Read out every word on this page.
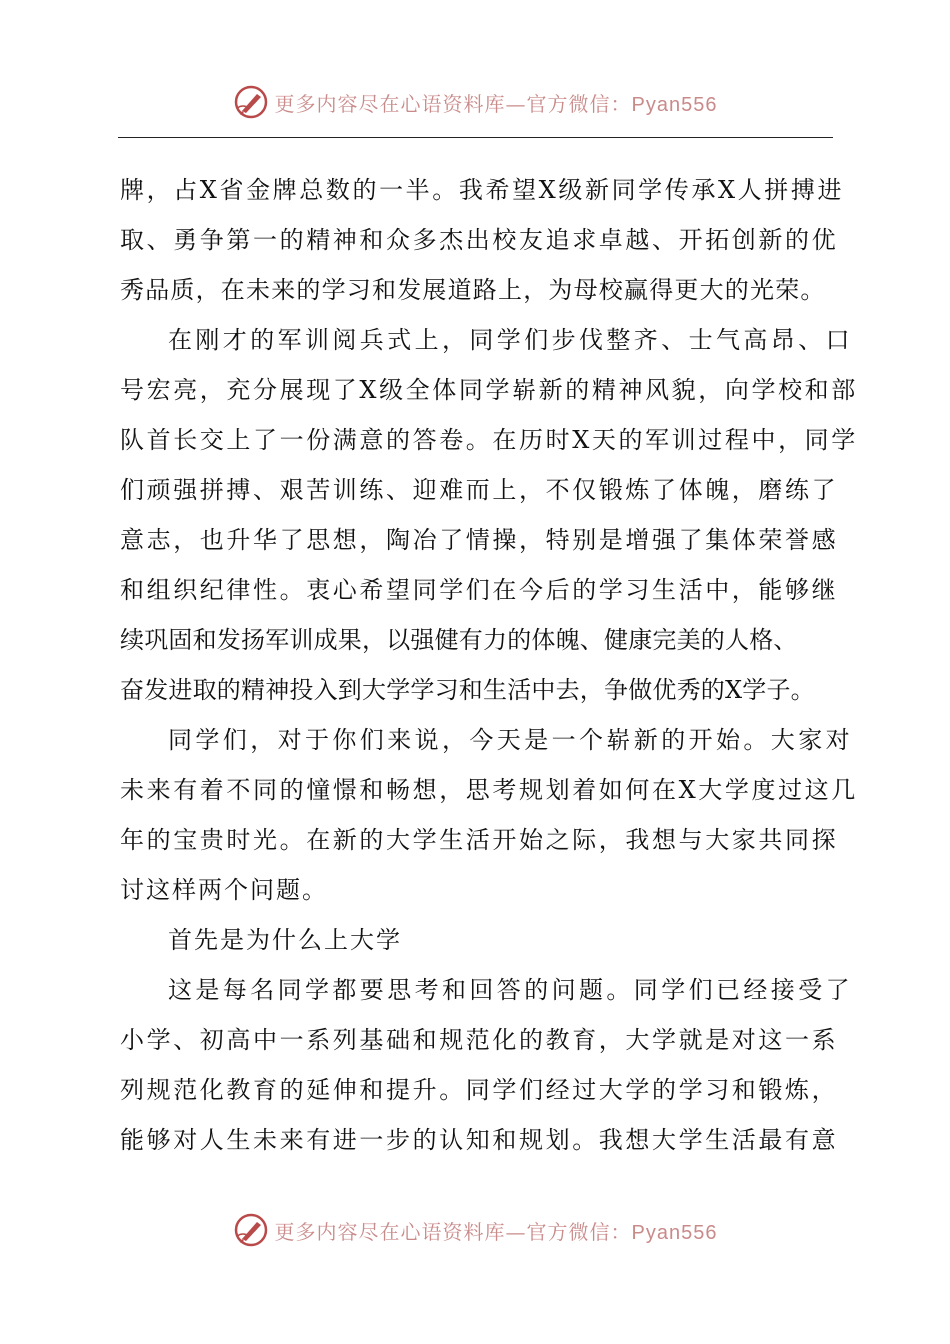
更多内容尽在心语资料库—官方微信：Pyan556
牌，占X省金牌总数的一半。我希望X级新同学传承X人拼搏进
取、勇争第一的精神和众多杰出校友追求卓越、开拓创新的优
秀品质，在未来的学习和发展道路上，为母校赢得更大的光荣。
在刚才的军训阅兵式上，同学们步伐整齐、士气高昂、口
号宏亮，充分展现了X级全体同学崭新的精神风貌，向学校和部
队首长交上了一份满意的答卷。在历时X天的军训过程中，同学
们顽强拼搏、艰苦训练、迎难而上，不仅锻炼了体魄，磨练了
意志，也升华了思想，陶冶了情操，特别是增强了集体荣誉感
和组织纪律性。衷心希望同学们在今后的学习生活中，能够继
续巩固和发扬军训成果，以强健有力的体魄、健康完美的人格、
奋发进取的精神投入到大学学习和生活中去，争做优秀的X学子。
同学们，对于你们来说，今天是一个崭新的开始。大家对
未来有着不同的憧憬和畅想，思考规划着如何在X大学度过这几
年的宝贵时光。在新的大学生活开始之际，我想与大家共同探
讨这样两个问题。
首先是为什么上大学
这是每名同学都要思考和回答的问题。同学们已经接受了
小学、初高中一系列基础和规范化的教育，大学就是对这一系
列规范化教育的延伸和提升。同学们经过大学的学习和锻炼，
能够对人生未来有进一步的认知和规划。我想大学生活最有意
更多内容尽在心语资料库—官方微信：Pyan556
